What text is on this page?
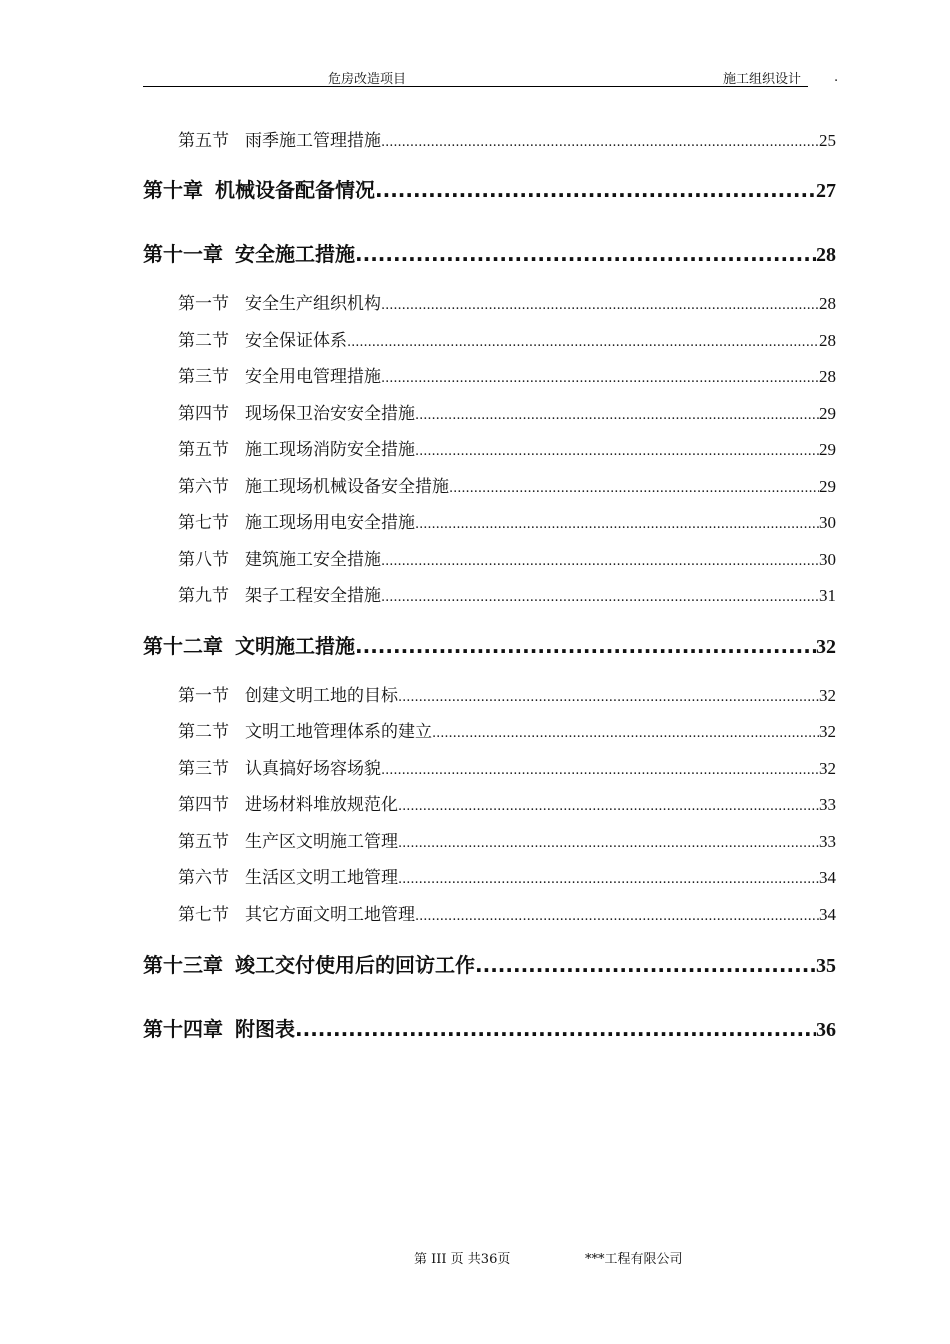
危房改造项目	施工组织设计	.
第五节 雨季施工管理措施 .....	25
第十章 机械设备配备情况 .....	27
第十一章 安全施工措施 .....	28
第一节 安全生产组织机构 .....	28
第二节 安全保证体系 .....	28
第三节 安全用电管理措施 .....	28
第四节 现场保卫治安安全措施 .....	29
第五节 施工现场消防安全措施 .....	29
第六节 施工现场机械设备安全措施 .....	29
第七节 施工现场用电安全措施 .....	30
第八节 建筑施工安全措施 .....	30
第九节 架子工程安全措施 .....	31
第十二章 文明施工措施 .....	32
第一节 创建文明工地的目标 .....	32
第二节 文明工地管理体系的建立 .....	32
第三节 认真搞好场容场貌 .....	32
第四节 进场材料堆放规范化 .....	33
第五节 生产区文明施工管理 .....	33
第六节 生活区文明工地管理 .....	34
第七节 其它方面文明工地管理 .....	34
第十三章 竣工交付使用后的回访工作 .....	35
第十四章 附图表 .....	36
第 III 页 共36页	***工程有限公司
